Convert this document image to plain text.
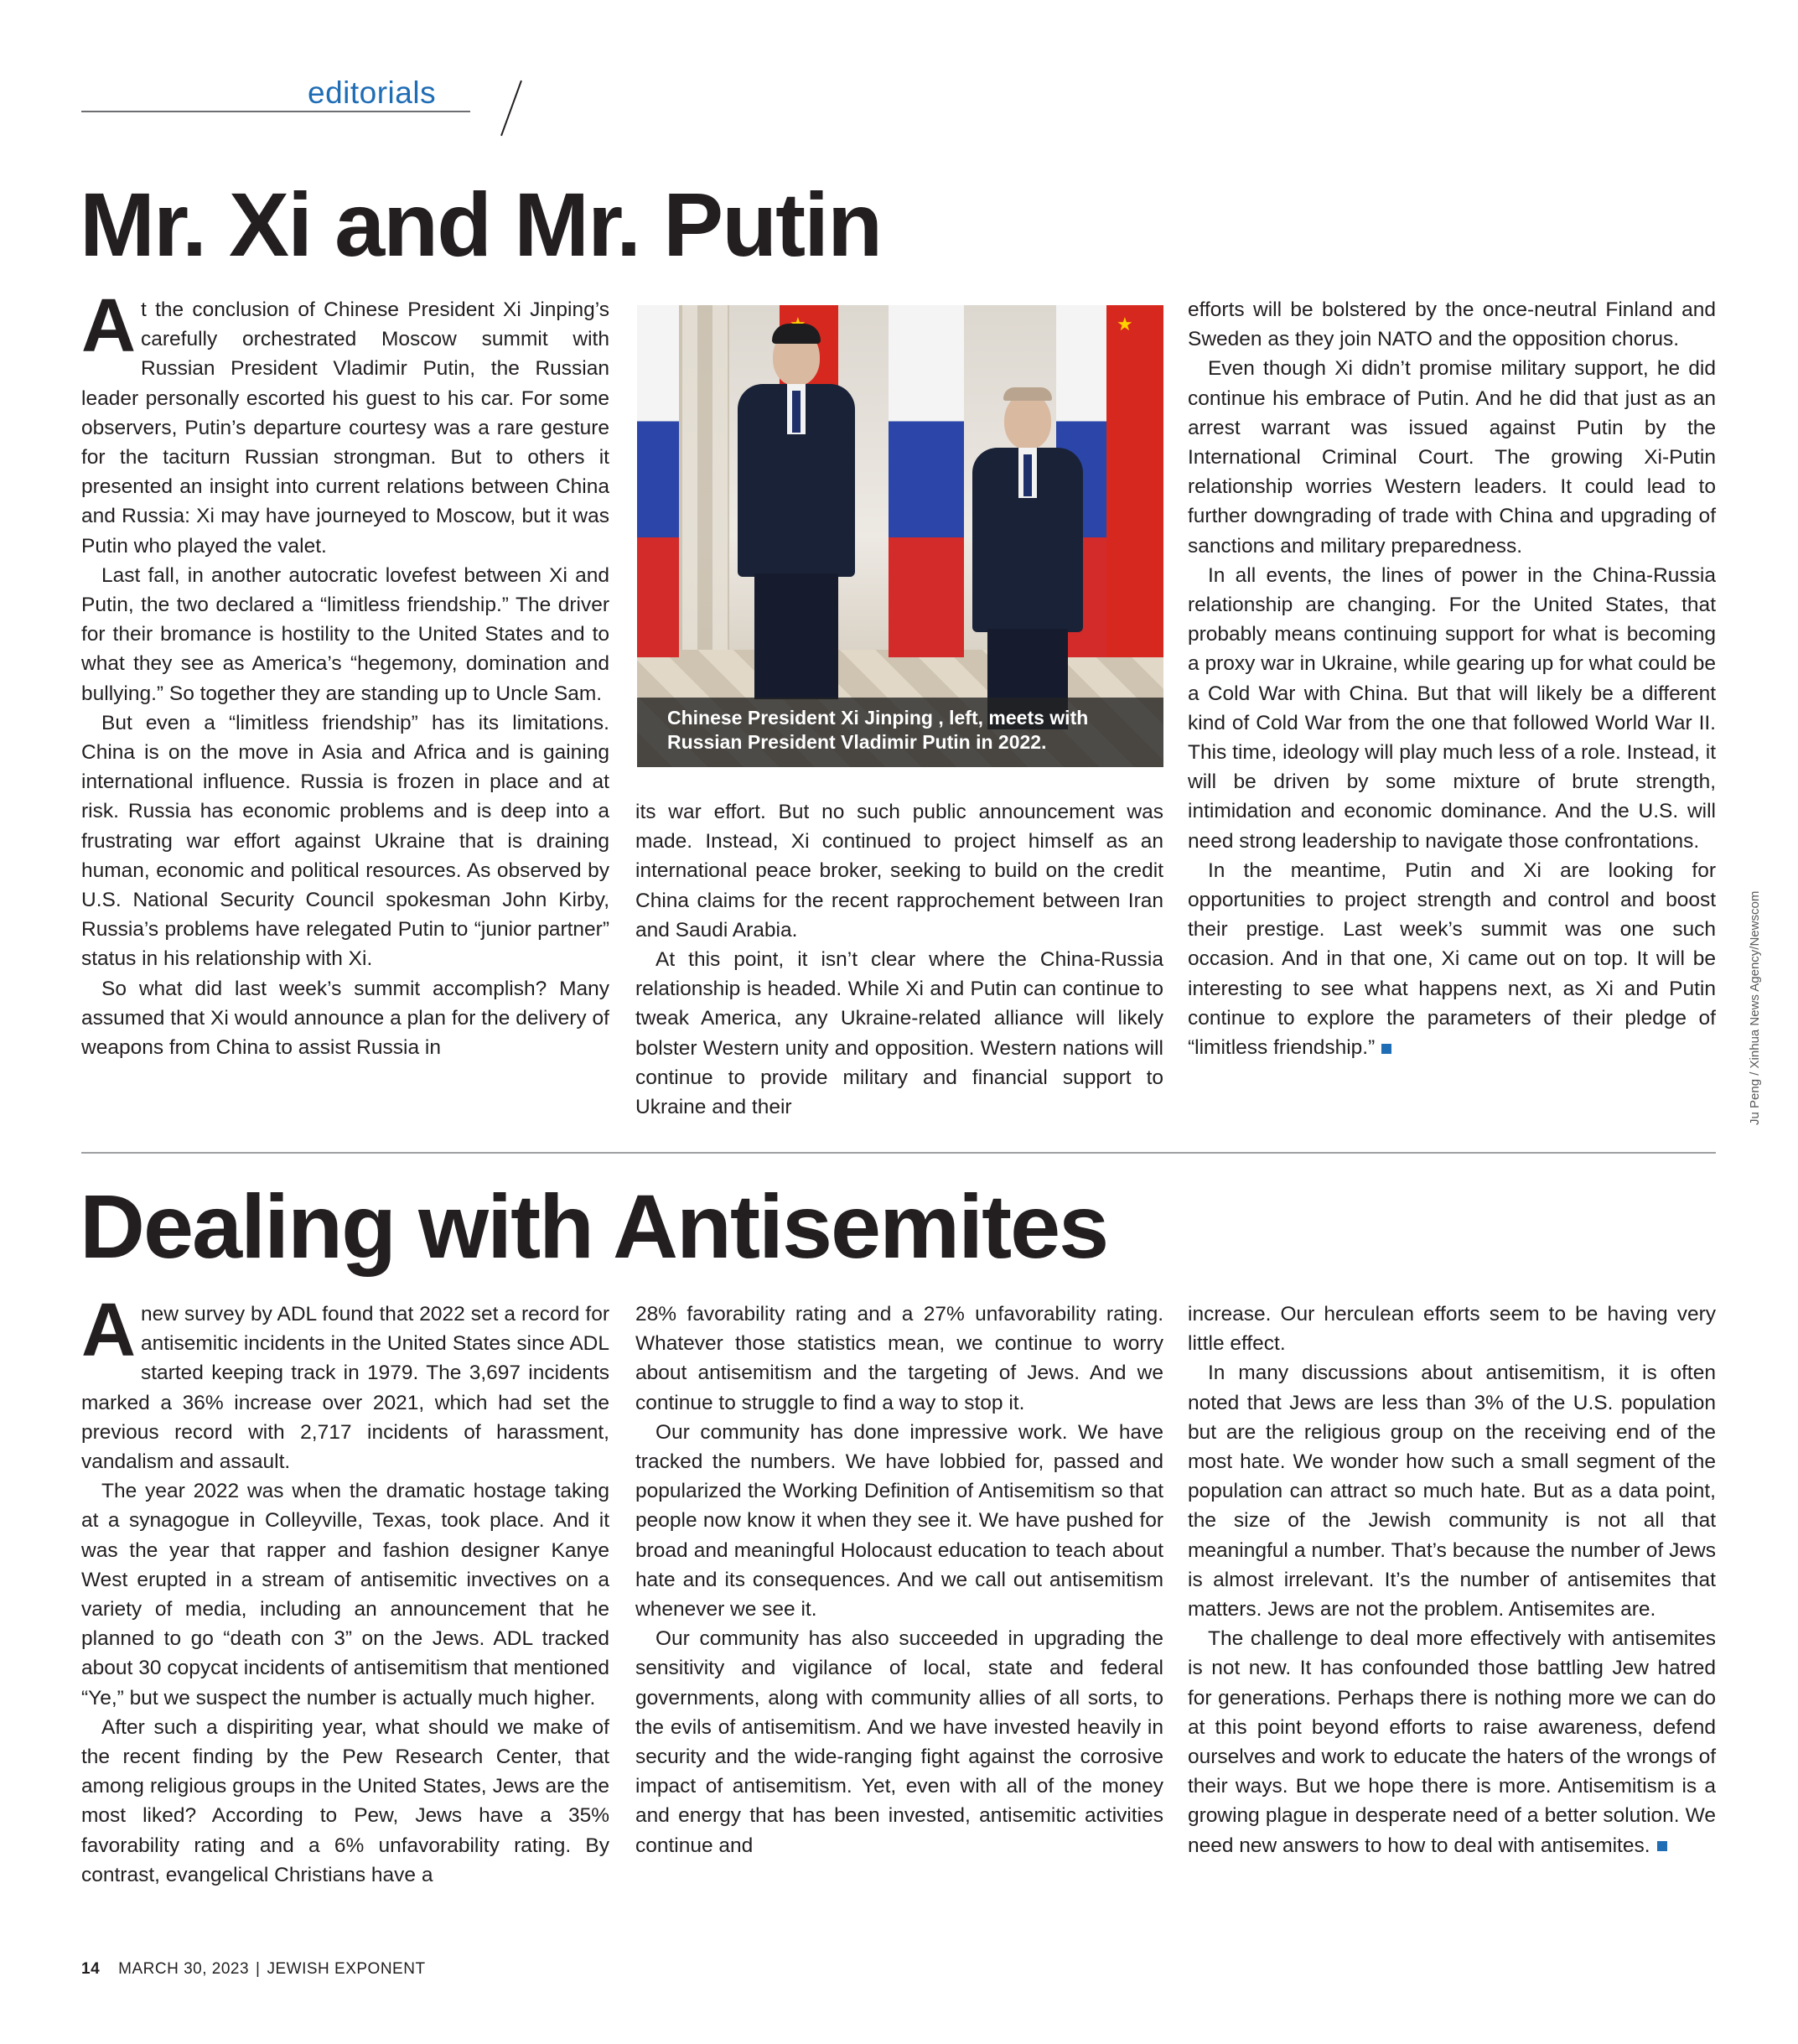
editorials
Mr. Xi and Mr. Putin

At the conclusion of Chinese President Xi Jinping’s carefully orchestrated Moscow summit with Russian President Vladimir Putin, the Russian leader personally escorted his guest to his car. For some observers, Putin’s departure courtesy was a rare gesture for the taciturn Russian strongman. But to others it presented an insight into current relations between China and Russia: Xi may have journeyed to Moscow, but it was Putin who played the valet.

Last fall, in another autocratic lovefest between Xi and Putin, the two declared a “limitless friendship.” The driver for their bromance is hostility to the United States and to what they see as America’s “hegemony, domination and bullying.” So together they are standing up to Uncle Sam.

But even a “limitless friendship” has its limitations. China is on the move in Asia and Africa and is gaining international influence. Russia is frozen in place and at risk. Russia has economic problems and is deep into a frustrating war effort against Ukraine that is draining human, economic and political resources. As observed by U.S. National Security Council spokesman John Kirby, Russia’s problems have relegated Putin to “junior partner” status in his relationship with Xi.

So what did last week’s summit accomplish? Many assumed that Xi would announce a plan for the delivery of weapons from China to assist Russia in

★
Chinese President Xi Jinping , left, meets with Russian President Vladimir Putin in 2022.

its war effort. But no such public announcement was made. Instead, Xi continued to project himself as an international peace broker, seeking to build on the credit China claims for the recent rapprochement between Iran and Saudi Arabia.

At this point, it isn’t clear where the China-Russia relationship is headed. While Xi and Putin can continue to tweak America, any Ukraine-related alliance will likely bolster Western unity and opposition. Western nations will continue to provide military and financial support to Ukraine and their

efforts will be bolstered by the once-neutral Finland and Sweden as they join NATO and the opposition chorus.

Even though Xi didn’t promise military support, he did continue his embrace of Putin. And he did that just as an arrest warrant was issued against Putin by the International Criminal Court. The growing Xi-Putin relationship worries Western leaders. It could lead to further downgrading of trade with China and upgrading of sanctions and military preparedness.

In all events, the lines of power in the China-Russia relationship are changing. For the United States, that probably means continuing support for what is becoming a proxy war in Ukraine, while gearing up for what could be a Cold War with China. But that will likely be a different kind of Cold War from the one that followed World War II. This time, ideology will play much less of a role. Instead, it will be driven by some mixture of brute strength, intimidation and economic dominance. And the U.S. will need strong leadership to navigate those confrontations.

In the meantime, Putin and Xi are looking for opportunities to project strength and control and boost their prestige. Last week’s summit was one such occasion. And in that one, Xi came out on top. It will be interesting to see what happens next, as Xi and Putin continue to explore the parameters of their pledge of “limitless friendship.”	Ju Peng / Xinhua News Agency/Newscom
Dealing with Antisemites

Anew survey by ADL found that 2022 set a record for antisemitic incidents in the United States since ADL started keeping track in 1979. The 3,697 incidents marked a 36% increase over 2021, which had set the previous record with 2,717 incidents of harassment, vandalism and assault.

The year 2022 was when the dramatic hostage taking at a synagogue in Colleyville, Texas, took place. And it was the year that rapper and fashion designer Kanye West erupted in a stream of antisemitic invectives on a variety of media, including an announcement that he planned to go “death con 3” on the Jews. ADL tracked about 30 copycat incidents of antisemitism that mentioned “Ye,” but we suspect the number is actually much higher.

After such a dispiriting year, what should we make of the recent finding by the Pew Research Center, that among religious groups in the United States, Jews are the most liked? According to Pew, Jews have a 35% favorability rating and a 6% unfavorability rating. By contrast, evangelical Christians have a

28% favorability rating and a 27% unfavorability rating. Whatever those statistics mean, we continue to worry about antisemitism and the targeting of Jews. And we continue to struggle to find a way to stop it.

Our community has done impressive work. We have tracked the numbers. We have lobbied for, passed and popularized the Working Definition of Antisemitism so that people now know it when they see it. We have pushed for broad and meaningful Holocaust education to teach about hate and its consequences. And we call out antisemitism whenever we see it.

Our community has also succeeded in upgrading the sensitivity and vigilance of local, state and federal governments, along with community allies of all sorts, to the evils of antisemitism. And we have invested heavily in security and the wide-ranging fight against the corrosive impact of antisemitism. Yet, even with all of the money and energy that has been invested, antisemitic activities continue and

increase. Our herculean efforts seem to be having very little effect.

In many discussions about antisemitism, it is often noted that Jews are less than 3% of the U.S. population but are the religious group on the receiving end of the most hate. We wonder how such a small segment of the population can attract so much hate. But as a data point, the size of the Jewish community is not all that meaningful a number. That’s because the number of Jews is almost irrelevant. It’s the number of antisemites that matters. Jews are not the problem. Antisemites are.

The challenge to deal more effectively with antisemites is not new. It has confounded those battling Jew hatred for generations. Perhaps there is nothing more we can do at this point beyond efforts to raise awareness, defend ourselves and work to educate the haters of the wrongs of their ways. But we hope there is more. Antisemitism is a growing plague in desperate need of a better solution. We need new answers to how to deal with antisemites.

14 MARCH 30, 2023 | JEWISH EXPONENT
